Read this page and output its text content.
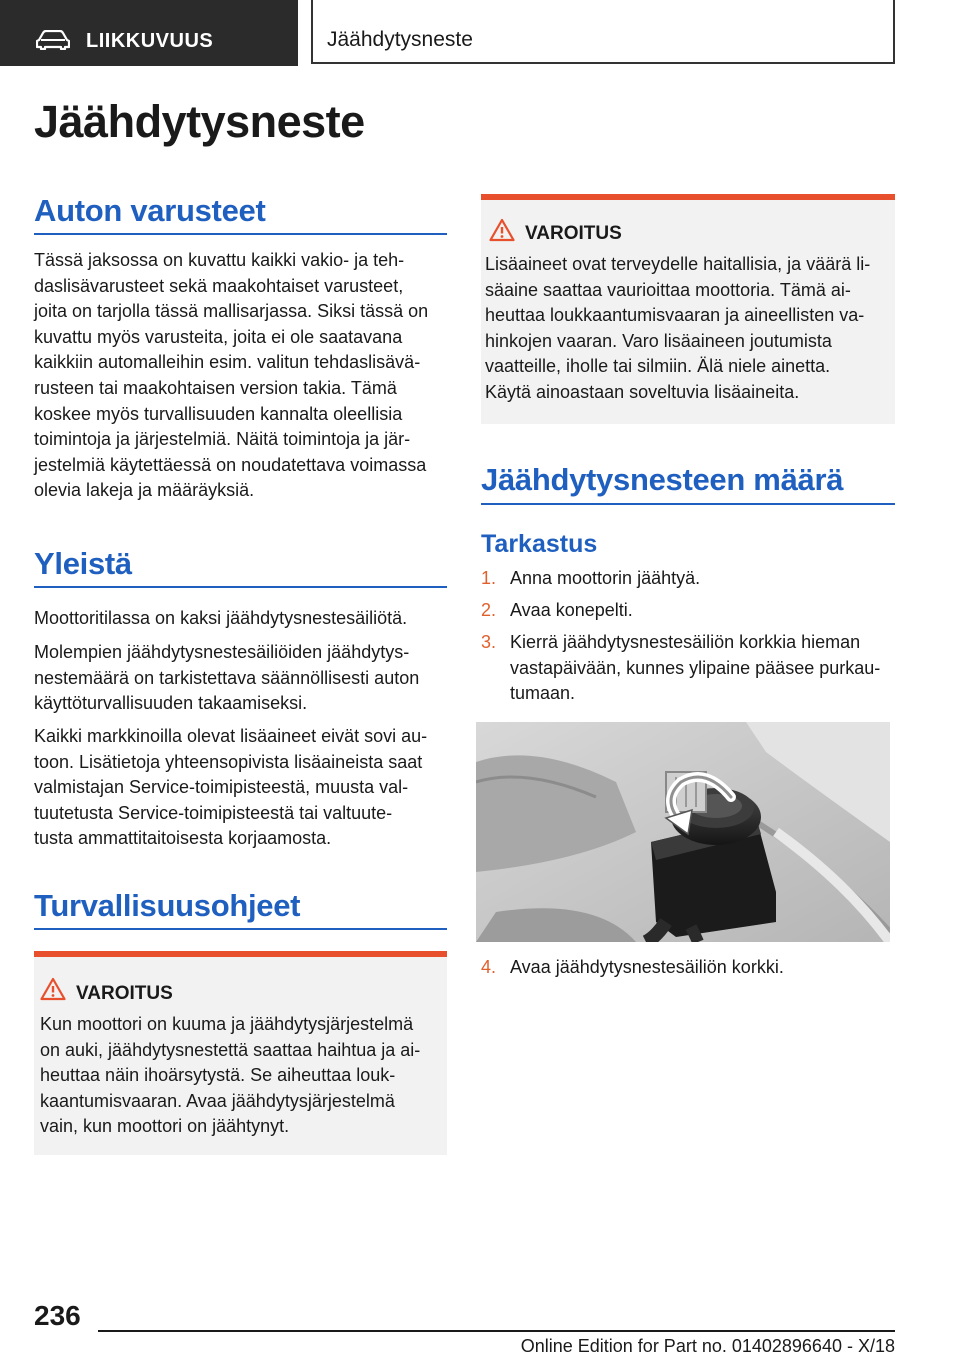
LIIKKUVUUS	Jäähdytysneste
Jäähdytysneste
Auton varusteet

Tässä jaksossa on kuvattu kaikki vakio- ja teh-

daslisävarusteet sekä maakohtaiset varusteet,

joita on tarjolla tässä mallisarjassa. Siksi tässä on

kuvattu myös varusteita, joita ei ole saatavana

kaikkiin automalleihin esim. valitun tehdaslisävä-

rusteen tai maakohtaisen version takia. Tämä

koskee myös turvallisuuden kannalta oleellisia

toimintoja ja järjestelmiä. Näitä toimintoja ja jär-

jestelmiä käytettäessä on noudatettava voimassa

olevia lakeja ja määräyksiä.

Yleistä

Moottoritilassa on kaksi jäähdytysnestesäiliötä.

Molempien jäähdytysnestesäiliöiden jäähdytys-

nestemäärä on tarkistettava säännöllisesti auton

käyttöturvallisuuden takaamiseksi.

Kaikki markkinoilla olevat lisäaineet eivät sovi au-

toon. Lisätietoja yhteensopivista lisäaineista saat

valmistajan Service-toimipisteestä, muusta val-

tuutetusta Service-toimipisteestä tai valtuute-

tusta ammattitaitoisesta korjaamosta.

Turvallisuusohjeet
VAROITUS

Kun moottori on kuuma ja jäähdytysjärjestelmä

on auki, jäähdytysnestettä saattaa haihtua ja ai-

heuttaa näin ihoärsytystä. Se aiheuttaa louk-

kaantumisvaaran. Avaa jäähdytysjärjestelmä

vain, kun moottori on jäähtynyt.

VAROITUS

Lisäaineet ovat terveydelle haitallisia, ja väärä li-

säaine saattaa vaurioittaa moottoria. Tämä ai-

heuttaa loukkaantumisvaaran ja aineellisten va-

hinkojen vaaran. Varo lisäaineen joutumista

vaatteille, iholle tai silmiin. Älä niele ainetta.

Käytä ainoastaan soveltuvia lisäaineita.

Jäähdytysnesteen määrä
Tarkastus
1. Anna moottorin jäähtyä.

2. Avaa konepelti.

3. Kierrä jäähdytysnestesäiliön korkkia hieman

vastapäivään, kunnes ylipaine pääsee purkau-

tumaan.

4. Avaa jäähdytysnestesäiliön korkki.

236
Online Edition for Part no. 01402896640 - X/18
